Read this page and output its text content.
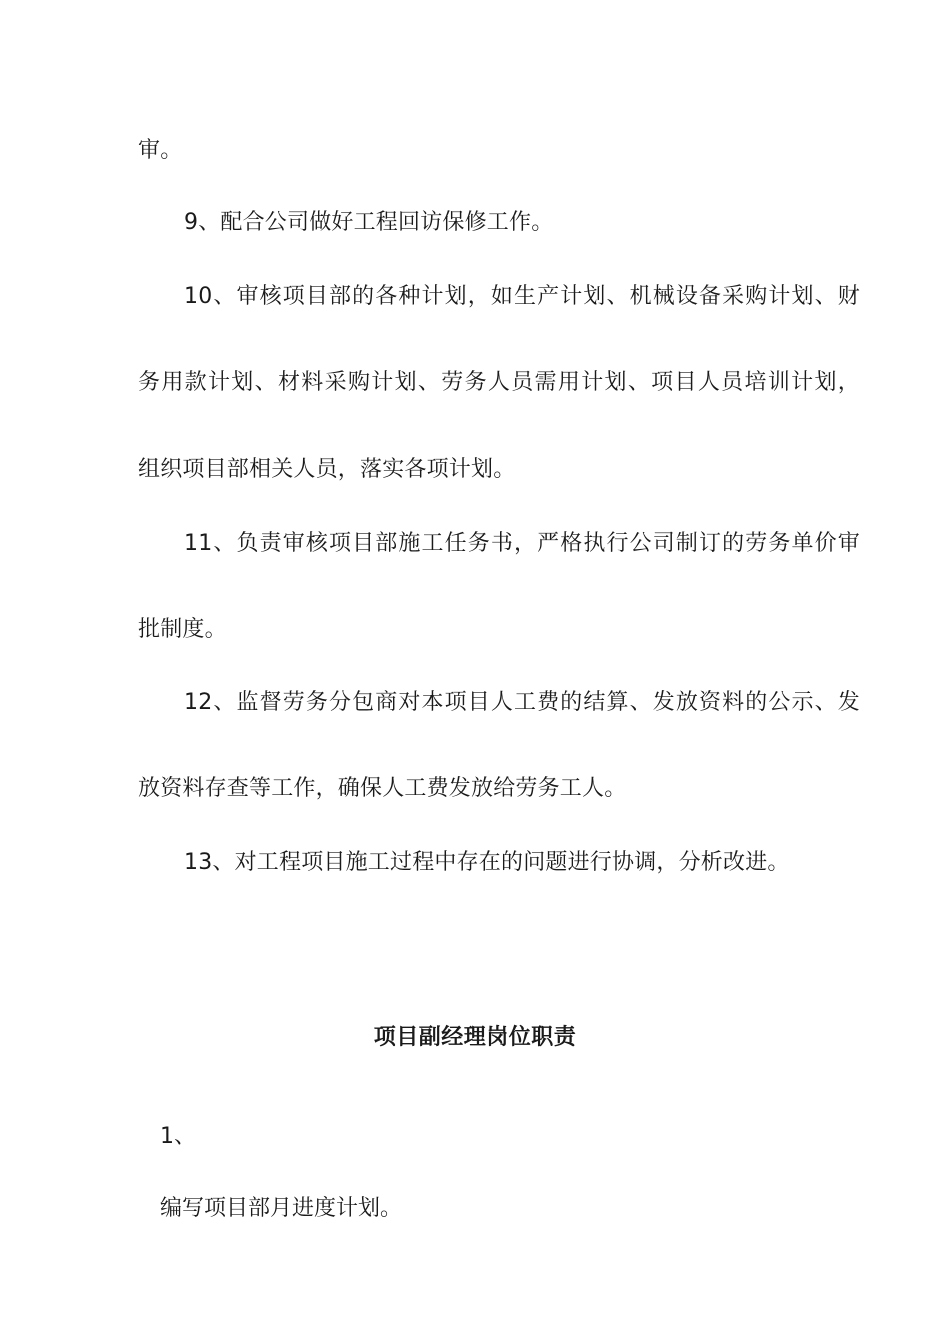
审。
9、配合公司做好工程回访保修工作。
10、审核项目部的各种计划，如生产计划、机械设备采购计划、财
务用款计划、材料采购计划、劳务人员需用计划、项目人员培训计划，
组织项目部相关人员，落实各项计划。
11、负责审核项目部施工任务书，严格执行公司制订的劳务单价审
批制度。
12、监督劳务分包商对本项目人工费的结算、发放资料的公示、发
放资料存查等工作，确保人工费发放给劳务工人。
13、对工程项目施工过程中存在的问题进行协调，分析改进。
项目副经理岗位职责
1、
编写项目部月进度计划。
